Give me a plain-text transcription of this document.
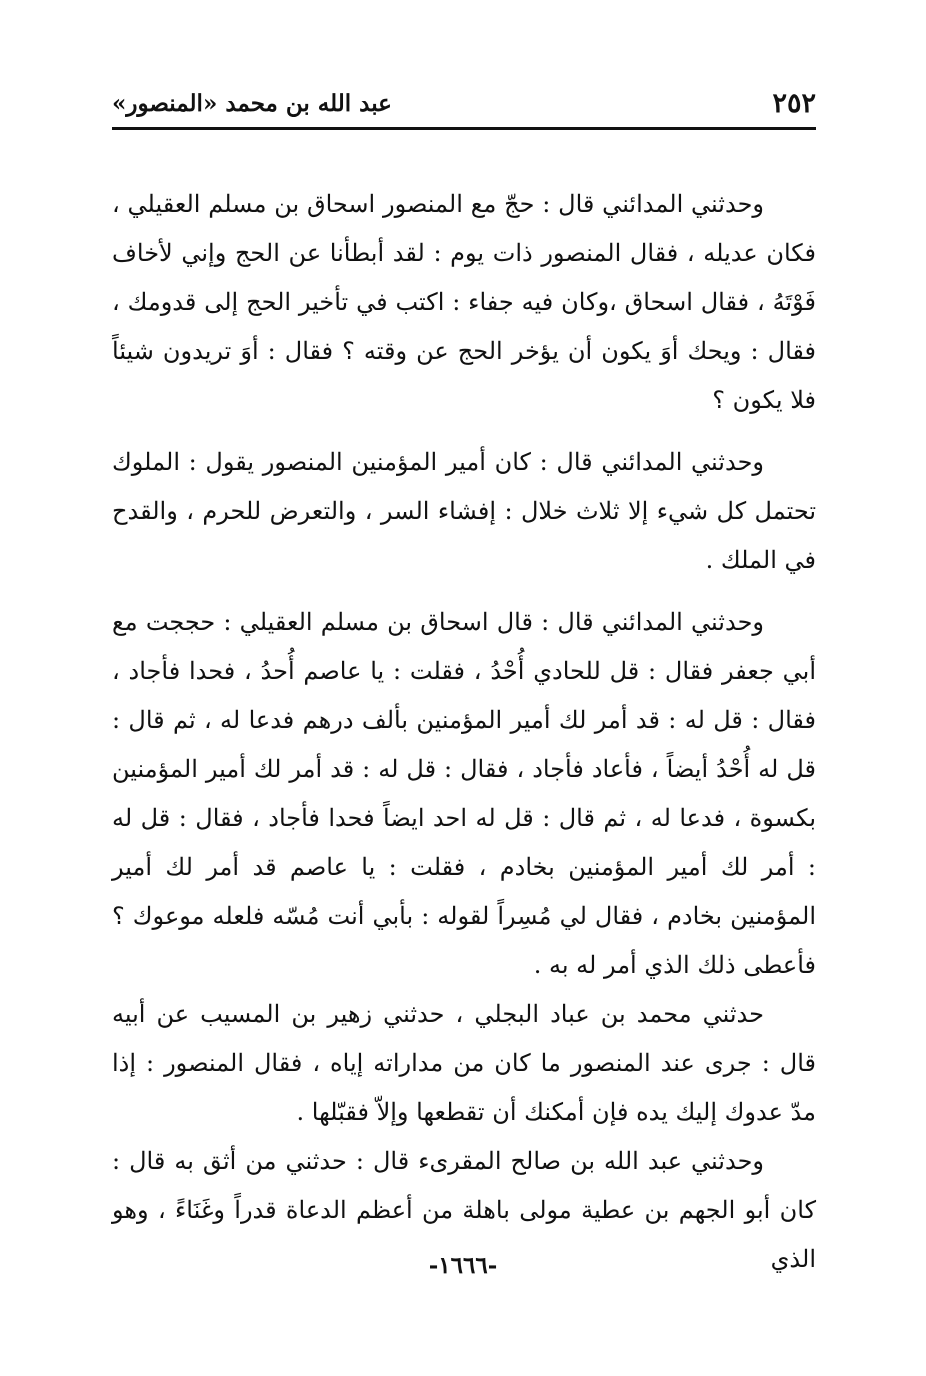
٢٥٢
عبد الله بن محمد «المنصور»

وحدثني المدائني قال : حجّ مع المنصور اسحاق بن مسلم العقيلي ، فكان عديله ، فقال المنصور ذات يوم : لقد أبطأنا عن الحج وإني لأخاف فَوْتَهُ ، فقال اسحاق ،وكان فيه جفاء : اكتب في تأخير الحج إلى قدومك ، فقال : ويحك أوَ يكون أن يؤخر الحج عن وقته ؟ فقال : أوَ تريدون شيئاً فلا يكون ؟

وحدثني المدائني قال : كان أمير المؤمنين المنصور يقول : الملوك تحتمل كل شيء إلا ثلاث خلال : إفشاء السر ، والتعرض للحرم ، والقدح في الملك .

وحدثني المدائني قال : قال اسحاق بن مسلم العقيلي : حججت مع أبي جعفر فقال : قل للحادي أُحْدُ ، فقلت : يا عاصم أُحدُ ، فحدا فأجاد ، فقال : قل له : قد أمر لك أمير المؤمنين بألف درهم فدعا له ، ثم قال : قل له أُحْدُ أيضاً ، فأعاد فأجاد ، فقال : قل له : قد أمر لك أمير المؤمنين بكسوة ، فدعا له ، ثم قال : قل له احد ايضاً فحدا فأجاد ، فقال : قل له : أمر لك أمير المؤمنين بخادم ، فقلت : يا عاصم قد أمر لك أمير المؤمنين بخادم ، فقال لي مُسِراً لقوله : بأبي أنت مُسّه فلعله موعوك ؟ فأعطى ذلك الذي أمر له به .

حدثني محمد بن عباد البجلي ، حدثني زهير بن المسيب عن أبيه قال : جرى عند المنصور ما كان من مداراته إياه ، فقال المنصور : إذا مدّ عدوك إليك يده فإن أمكنك أن تقطعها وإلاّ فقبّلها .

وحدثني عبد الله بن صالح المقرىء قال : حدثني من أثق به قال : كان أبو الجهم بن عطية مولى باهلة من أعظم الدعاة قدراً وغَنَاءً ، وهو الذي

-١٦٦٦-
